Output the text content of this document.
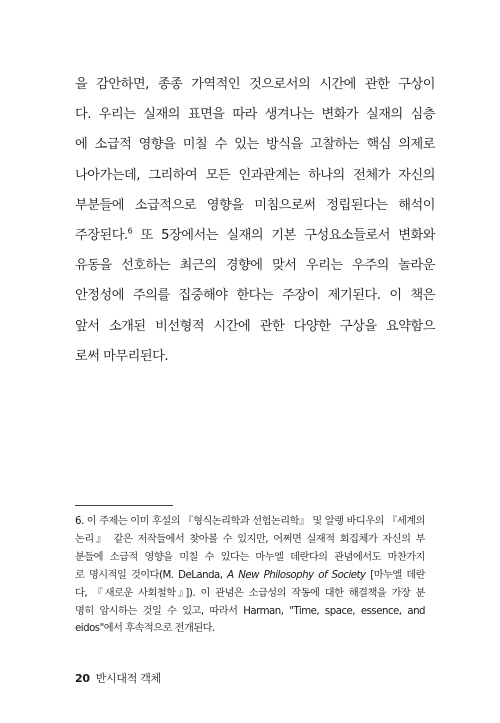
을 감안하면, 종종 가역적인 것으로서의 시간에 관한 구상이
다. 우리는 실재의 표면을 따라 생겨나는 변화가 실재의 심층
에 소급적 영향을 미칠 수 있는 방식을 고찰하는 핵심 의제로
나아가는데, 그리하여 모든 인과관계는 하나의 전체가 자신의
부분들에 소급적으로 영향을 미침으로써 정립된다는 해석이
주장된다.$^6$ 또 5장에서는 실재의 기본 구성요소들로서 변화와
유동을 선호하는 최근의 경향에 맞서 우리는 우주의 놀라운
안정성에 주의를 집중해야 한다는 주장이 제기된다. 이 책은
앞서 소개된 비선형적 시간에 관한 다양한 구상을 요약함으
로써 마무리된다.
6. 이 주제는 이미 후설의 『형식논리학과 선험논리학』 및 알랭 바디우의 『세계의
논리』 같은 저작들에서 찾아볼 수 있지만, 어쩌면 실재적 회집체가 자신의 부
분들에 소급적 영향을 미칠 수 있다는 마누엘 데란다의 관념에서도 마찬가지
로 명시적일 것이다(M. DeLanda, A New Philosophy of Society [마누엘 데란
다, 『새로운 사회철학』]). 이 관념은 소급성의 작동에 대한 해결책을 가장 분
명히 암시하는 것일 수 있고, 따라서 Harman, "Time, space, essence, and
eidos"에서 후속적으로 전개된다.
20 반시대적 객체
